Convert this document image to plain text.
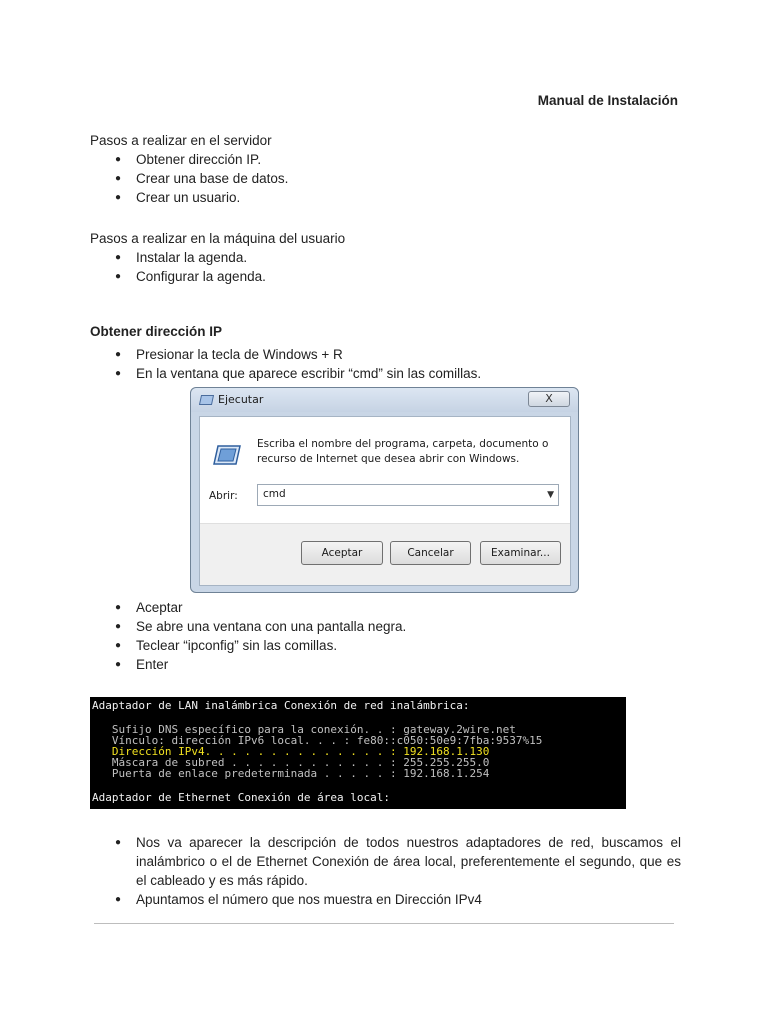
Manual de Instalación
Pasos a realizar en el servidor
● Obtener dirección IP.
● Crear una base de datos.
● Crear un usuario.
Pasos a realizar en la máquina del usuario
● Instalar la agenda.
● Configurar la agenda.
Obtener dirección IP
● Presionar la tecla de Windows + R
● En la ventana que aparece escribir “cmd” sin las comillas.
Ejecutar	X
Escriba el nombre del programa, carpeta, documento o recurso de Internet que desea abrir con Windows.
Abrir: cmd	▼
Aceptar	Cancelar	Examinar...
● Aceptar
● Se abre una ventana con una pantalla negra.
● Teclear “ipconfig” sin las comillas.
● Enter
Adaptador de LAN inalámbrica Conexión de red inalámbrica:
Sufijo DNS específico para la conexión. . : gateway.2wire.net
Vínculo: dirección IPv6 local. . . : fe80::c050:50e9:7fba:9537%15
Dirección IPv4. . . . . . . . . . . . . . : 192.168.1.130
Máscara de subred . . . . . . . . . . . . : 255.255.255.0
Puerta de enlace predeterminada . . . . . : 192.168.1.254
Adaptador de Ethernet Conexión de área local:
● Nos va aparecer la descripción de todos nuestros adaptadores de red, buscamos el inalámbrico o el de Ethernet Conexión de área local, preferentemente el segundo, que es el cableado y es más rápido.
● Apuntamos el número que nos muestra en Dirección IPv4
